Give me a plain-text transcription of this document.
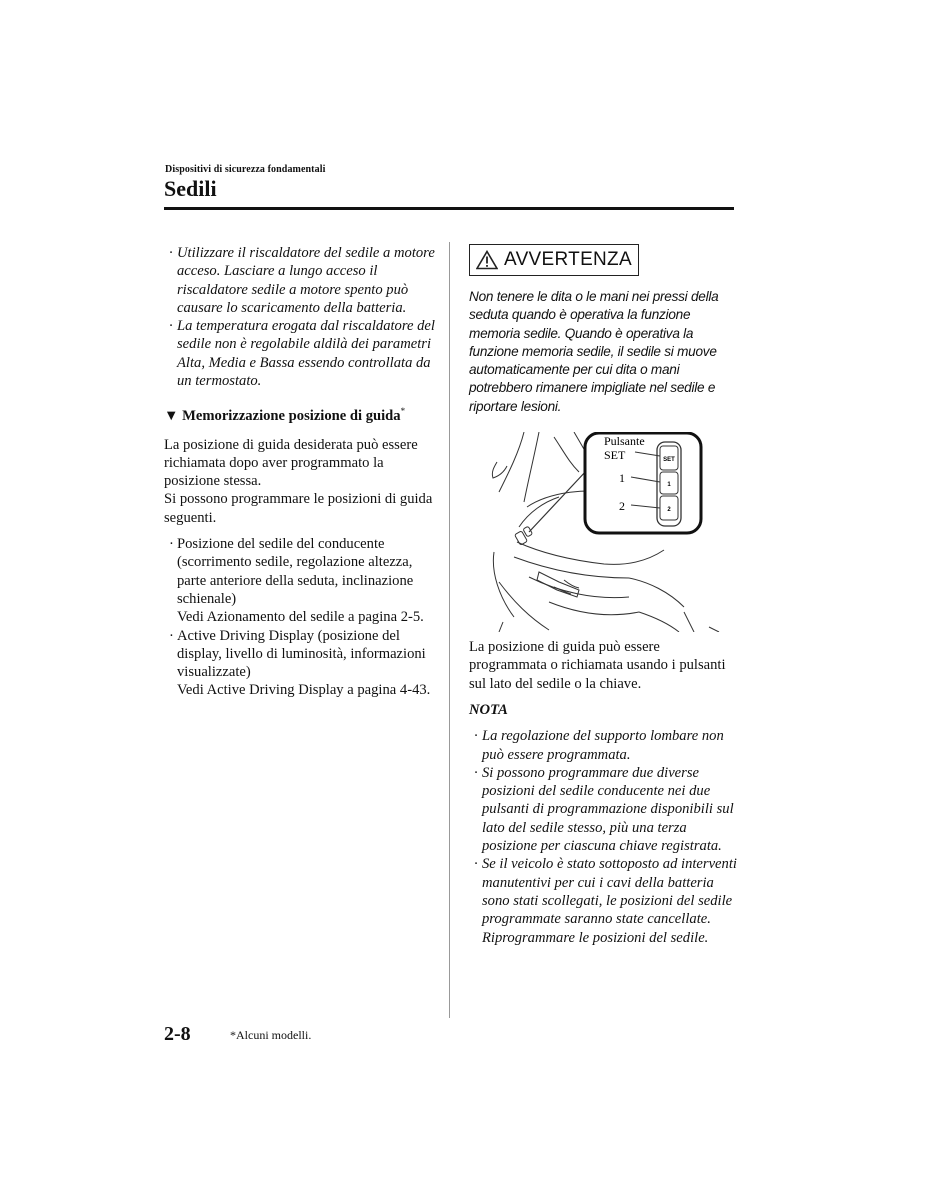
Dispositivi di sicurezza fondamentali
Sedili
· Utilizzare il riscaldatore del sedile a motore acceso. Lasciare a lungo acceso il riscaldatore sedile a motore spento può causare lo scaricamento della batteria.
· La temperatura erogata dal riscaldatore del sedile non è regolabile aldilà dei parametri Alta, Media e Bassa essendo controllata da un termostato.
▼ Memorizzazione posizione di guida*
La posizione di guida desiderata può essere richiamata dopo aver programmato la posizione stessa.
Si possono programmare le posizioni di guida seguenti.
· Posizione del sedile del conducente (scorrimento sedile, regolazione altezza, parte anteriore della seduta, inclinazione schienale)
Vedi Azionamento del sedile a pagina 2-5.
· Active Driving Display (posizione del display, livello di luminosità, informazioni visualizzate)
Vedi Active Driving Display a pagina 4-43.
AVVERTENZA
Non tenere le dita o le mani nei pressi della seduta quando è operativa la funzione memoria sedile. Quando è operativa la funzione memoria sedile, il sedile si muove automaticamente per cui dita o mani potrebbero rimanere impigliate nel sedile e riportare lesioni.
SET
1
2
Pulsante
SET
1
2
La posizione di guida può essere programmata o richiamata usando i pulsanti sul lato del sedile o la chiave.
NOTA
· La regolazione del supporto lombare non può essere programmata.
· Si possono programmare due diverse posizioni del sedile conducente nei due pulsanti di programmazione disponibili sul lato del sedile stesso, più una terza posizione per ciascuna chiave registrata.
· Se il veicolo è stato sottoposto ad interventi manutentivi per cui i cavi della batteria sono stati scollegati, le posizioni del sedile programmate saranno state cancellate. Riprogrammare le posizioni del sedile.
2-8	*Alcuni modelli.
